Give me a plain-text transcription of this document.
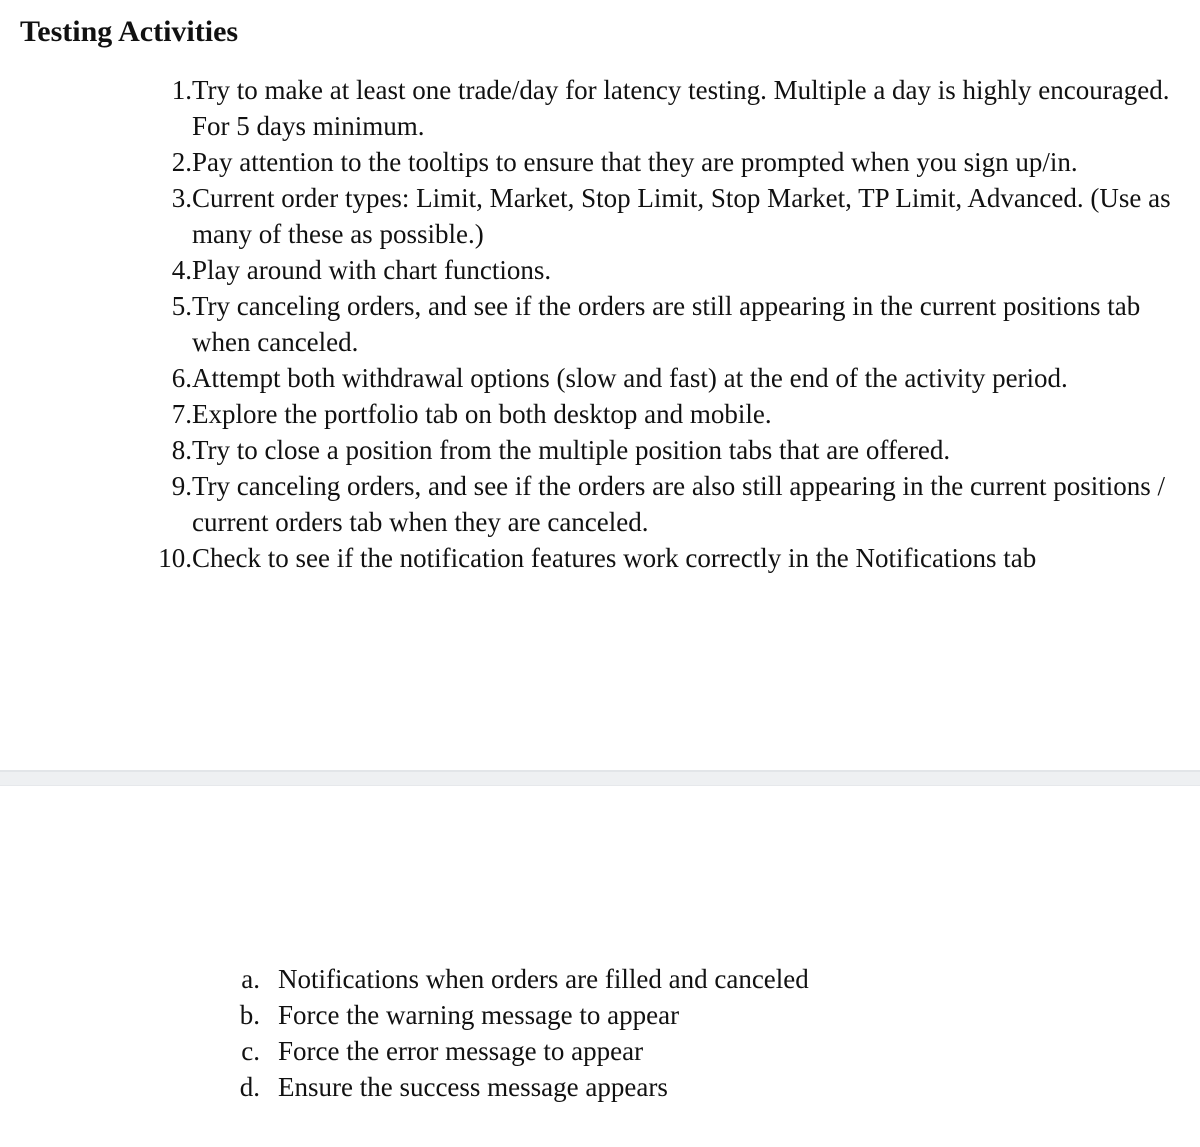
Testing Activities
1. Try to make at least one trade/day for latency testing. Multiple a day is highly encouraged. For 5 days minimum.
2. Pay attention to the tooltips to ensure that they are prompted when you sign up/in.
3. Current order types: Limit, Market, Stop Limit, Stop Market, TP Limit, Advanced. (Use as many of these as possible.)
4. Play around with chart functions.
5. Try canceling orders, and see if the orders are still appearing in the current positions tab when canceled.
6. Attempt both withdrawal options (slow and fast) at the end of the activity period.
7. Explore the portfolio tab on both desktop and mobile.
8. Try to close a position from the multiple position tabs that are offered.
9. Try canceling orders, and see if the orders are also still appearing in the current positions / current orders tab when they are canceled.
10. Check to see if the notification features work correctly in the Notifications tab
a. Notifications when orders are filled and canceled
b. Force the warning message to appear
c. Force the error message to appear
d. Ensure the success message appears
